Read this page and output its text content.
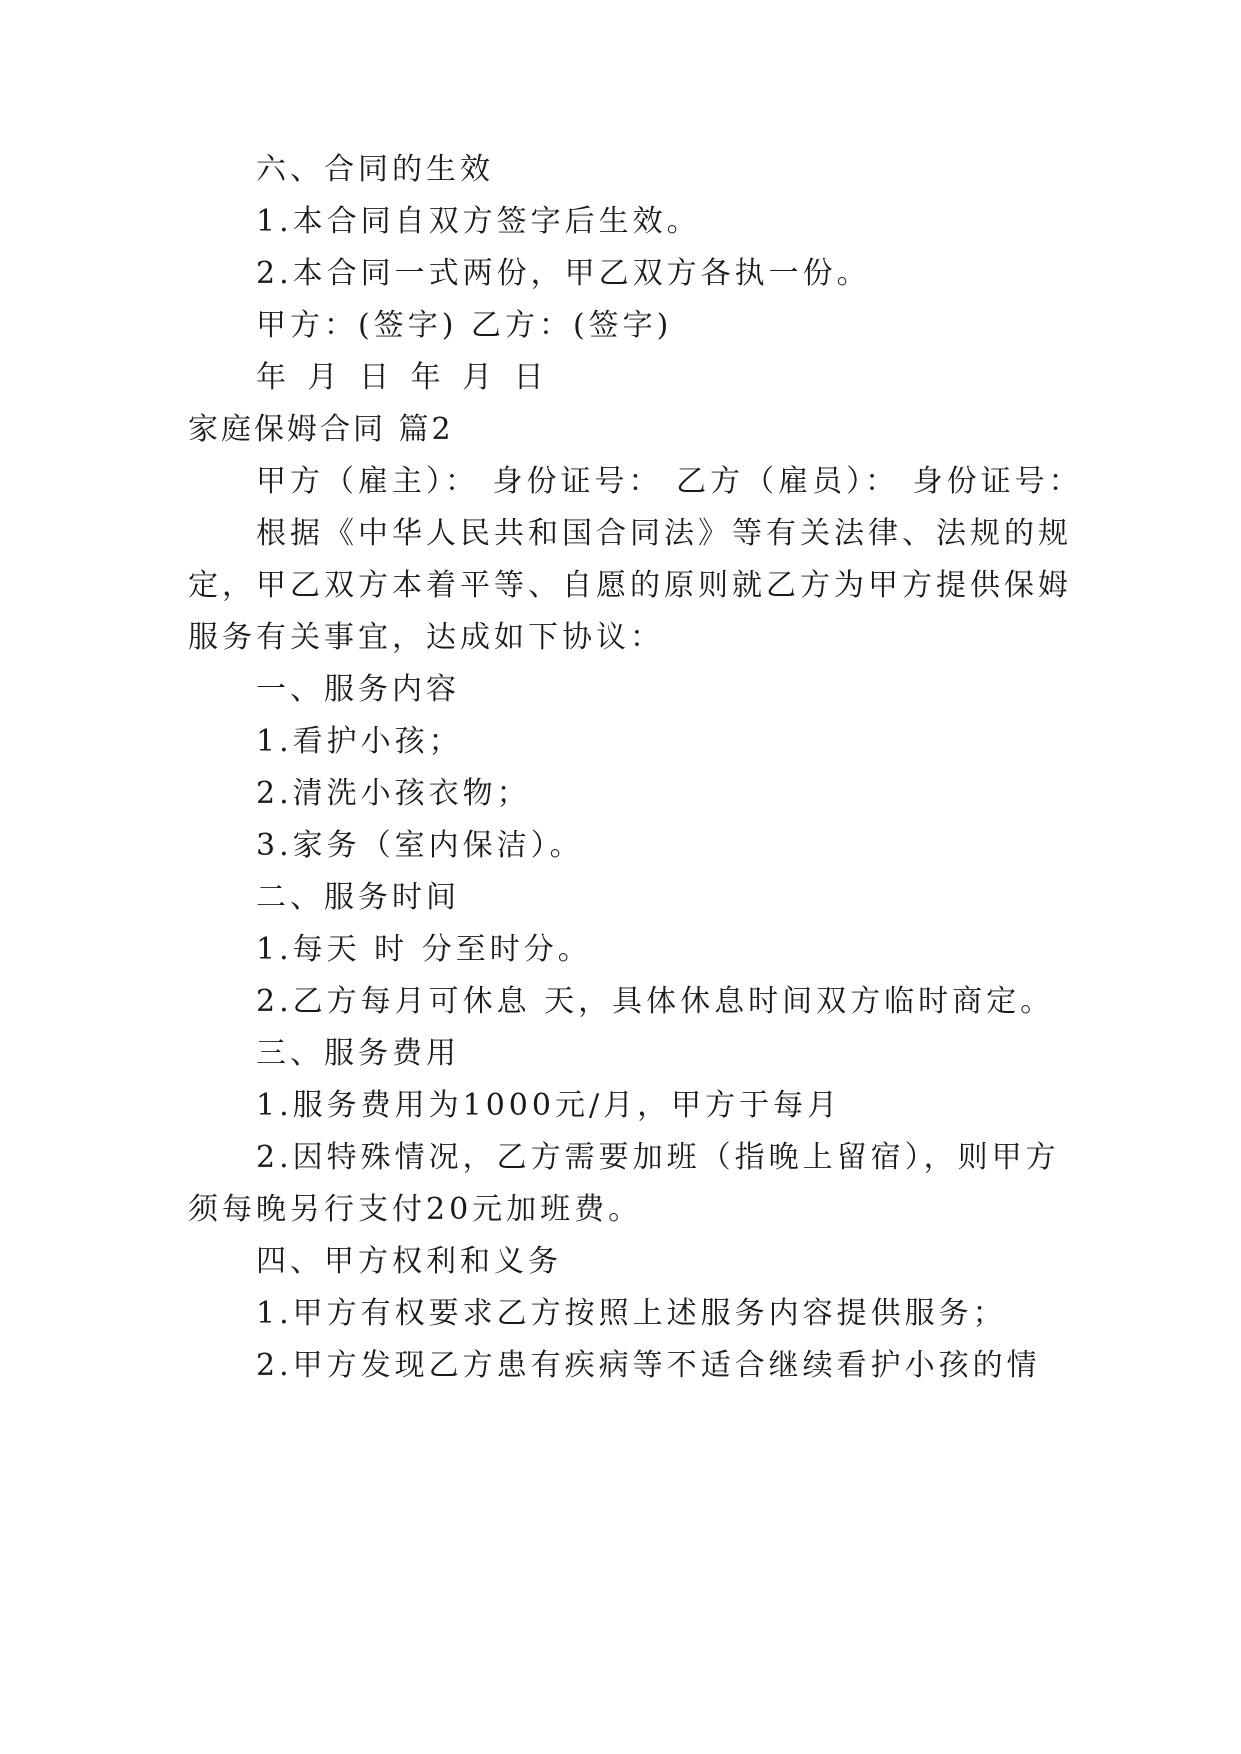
六、合同的生效
1.本合同自双方签字后生效。
2.本合同一式两份，甲乙双方各执一份。
甲方：(签字) 乙方：(签字)
年 月 日 年 月 日
家庭保姆合同 篇2
甲方（雇主）： 身份证号： 乙方（雇员）： 身份证号：
根据《中华人民共和国合同法》等有关法律、法规的规
定，甲乙双方本着平等、自愿的原则就乙方为甲方提供保姆
服务有关事宜，达成如下协议：
一、服务内容
1.看护小孩；
2.清洗小孩衣物；
3.家务（室内保洁）。
二、服务时间
1.每天 时 分至时分。
2.乙方每月可休息 天，具体休息时间双方临时商定。
三、服务费用
1.服务费用为1000元/月，甲方于每月
2.因特殊情况，乙方需要加班（指晚上留宿），则甲方
须每晚另行支付20元加班费。
四、甲方权利和义务
1.甲方有权要求乙方按照上述服务内容提供服务；
2.甲方发现乙方患有疾病等不适合继续看护小孩的情
